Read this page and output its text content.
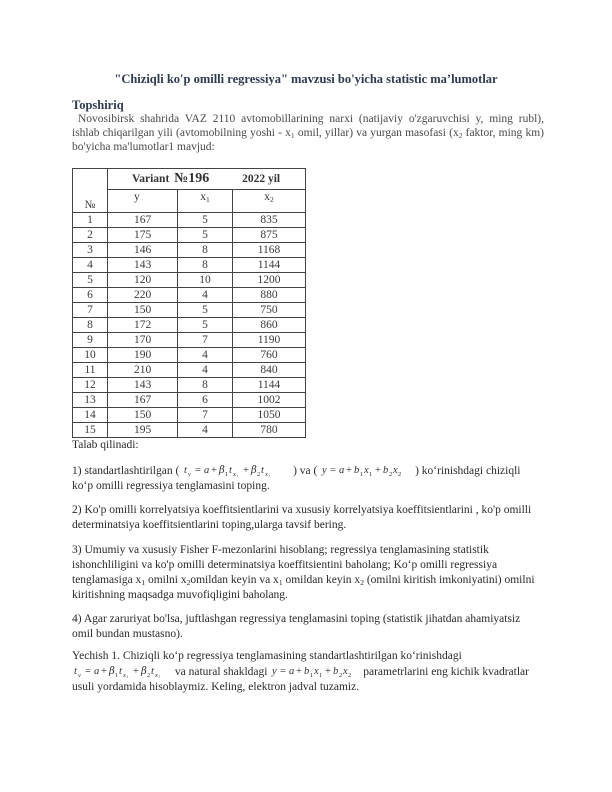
"Chiziqli ko'p omilli regressiya" mavzusi bo'yicha statistic ma’lumotlar
Topshiriq
Novosibirsk shahrida VAZ 2110 avtomobillarining narxi (natijaviy o'zgaruvchisi y, ming rubl), ishlab chiqarilgan yili (avtomobilning yoshi - $x_1$ omil, yillar) va yurgan masofasi ($x_2$ faktor, ming km) bo'yicha ma'lumotlar1 mavjud:
№	Variant №196 2022 yil		
	y	$x_1$	$x_2$
1	167	5	835
2	175	5	875
3	146	8	1168
4	143	8	1144
5	120	10	1200
6	220	4	880
7	150	5	750
8	172	5	860
9	170	7	1190
10	190	4	760
11	210	4	840
12	143	8	1144
13	167	6	1002
14	150	7	1050
15	195	4	780
Talab qilinadi:
1) standartlashtirilgan ( t y = a + β 1 t x₁ + β 2 t x₂ ) va ( y = a + b 1 x 1 + b 2 x 2 ) ko‘rinishdagi chiziqli ko‘p omilli regressiya tenglamasini toping.
2) Ko'p omilli korrelyatsiya koeffitsientlarini va xususiy korrelyatsiya koeffitsientlarini , ko'p omilli determinatsiya koeffitsientlarini toping,ularga tavsif bering.
3) Umumiy va xususiy Fisher F-mezonlarini hisoblang; regressiya tenglamasining statistik ishonchliligini va ko'p omilli determinatsiya koeffitsientini baholang; Ko‘p omilli regressiya tenglamasiga $x_1$ omilni $x_2omildan$ keyin va $x_1$ omildan keyin $x_2$ (omilni kiritish imkoniyatini) omilni kiritishning maqsadga muvofiqligini baholang.
4) Agar zaruriyat bo'lsa, juftlashgan regressiya tenglamasini toping (statistik jihatdan ahamiyatsiz omil bundan mustasno).
Yechish 1. Chiziqli ko‘p regressiya tenglamasining standartlashtirilgan ko‘rinishdagi
t y = a + β 1 t x₁ + β 2 t x₂ va natural shakldagi y = a + b 1 x 1 + b 2 x 2 parametrlarini eng kichik kvadratlar usuli yordamida hisoblaymiz. Keling, elektron jadval tuzamiz.
